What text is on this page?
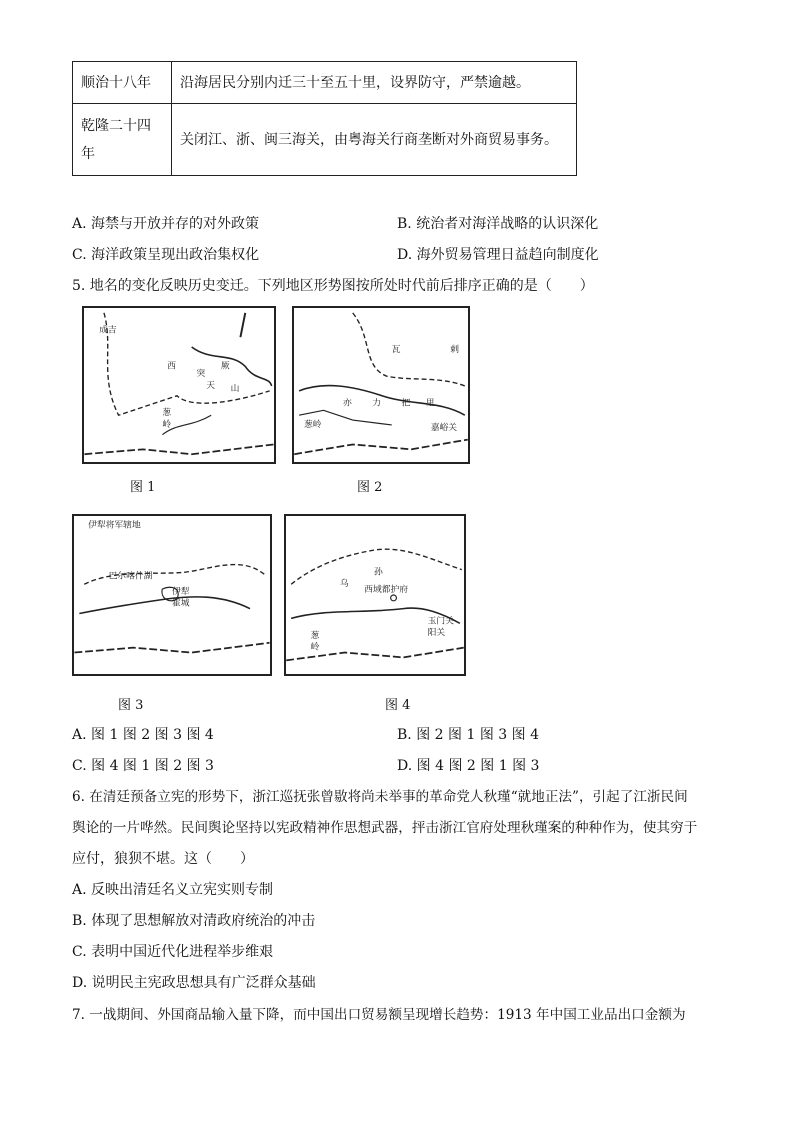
顺治十八年	沿海居民分别内迁三十至五十里，设界防守，严禁逾越。
乾隆二十四年	关闭江、浙、闽三海关，由粤海关行商垄断对外商贸易事务。
A. 海禁与开放并存的对外政策	B. 统治者对海洋战略的认识深化
C. 海洋政策呈现出政治集权化	D. 海外贸易管理日益趋向制度化
5. 地名的变化反映历史变迁。下列地区形势图按所处时代前后排序正确的是（　　）
成吉
西
突
厥
天 山
葱
岭
图 1
瓦	剌
亦 力 把 里
葱岭	嘉峪关
图 2
伊犁将军辖地
巴尔喀什湖
伊犁
霍城
图 3
乌
孙
西域都护府
葱
岭
玉门关
阳关
图 4
A. 图 1 图 2 图 3 图 4	B. 图 2 图 1 图 3 图 4
C. 图 4 图 1 图 2 图 3	D. 图 4 图 2 图 1 图 3
6. 在清廷预备立宪的形势下，浙江巡抚张曾敭将尚未举事的革命党人秋瑾“就地正法”，引起了江浙民间
舆论的一片哗然。民间舆论坚持以宪政精神作思想武器，抨击浙江官府处理秋瑾案的种种作为，使其穷于
应付，狼狈不堪。这（　　）
A. 反映出清廷名义立宪实则专制
B. 体现了思想解放对清政府统治的冲击
C. 表明中国近代化进程举步维艰
D. 说明民主宪政思想具有广泛群众基础
7. 一战期间、外国商品输入量下降，而中国出口贸易额呈现增长趋势：1913 年中国工业品出口金额为
